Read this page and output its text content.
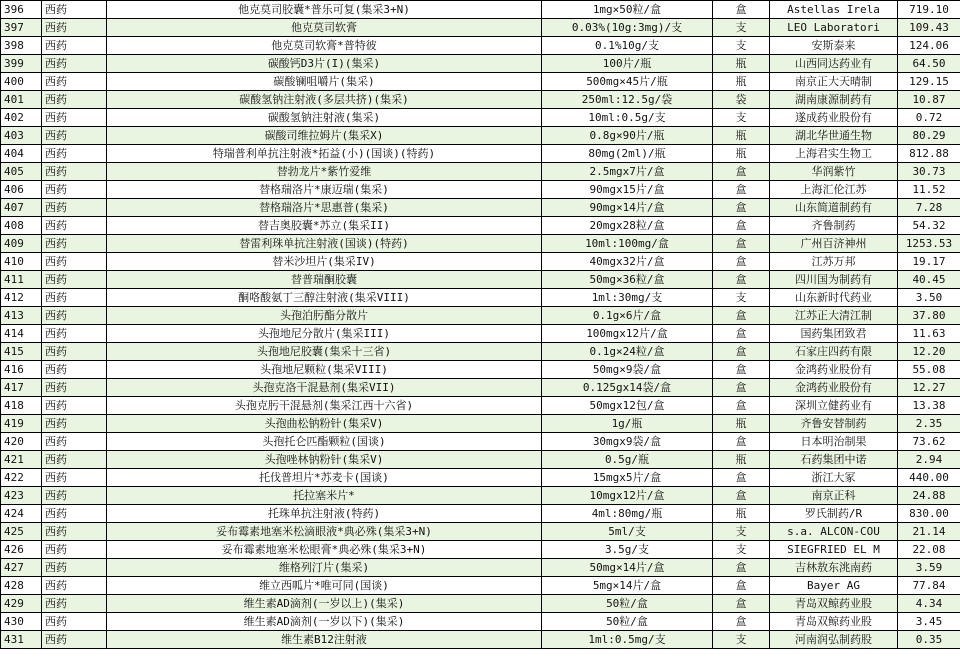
396	西药	他克莫司胶囊*普乐可复(集采3+N)	1mg×50粒/盒	盒	Astellas Irela	719.10
397	西药	他克莫司软膏	0.03%(10g:3mg)/支	支	LEO Laboratori	109.43
398	西药	他克莫司软膏*普特彼	0.1%10g/支	支	安斯泰来	124.06
399	西药	碳酸钙D3片(I)(集采)	100片/瓶	瓶	山西同达药业有	64.50
400	西药	碳酸镧咀嚼片(集采)	500mg×45片/瓶	瓶	南京正大天晴制	129.15
401	西药	碳酸氢钠注射液(多层共挤)(集采)	250ml:12.5g/袋	袋	湖南康源制药有	10.87
402	西药	碳酸氢钠注射液(集采)	10ml:0.5g/支	支	遂成药业股份有	0.72
403	西药	碳酸司维拉姆片(集采X)	0.8g×90片/瓶	瓶	湖北华世通生物	80.29
404	西药	特瑞普利单抗注射液*拓益(小)(国谈)(特药)	80mg(2ml)/瓶	瓶	上海君实生物工	812.88
405	西药	替勃龙片*紫竹爱维	2.5mgx7片/盒	盒	华润紫竹	30.73
406	西药	替格瑞洛片*康迈瑞(集采)	90mgx15片/盒	盒	上海汇伦江苏	11.52
407	西药	替格瑞洛片*思惠普(集采)	90mg×14片/盒	盒	山东简道制药有	7.28
408	西药	替吉奥胶囊*苏立(集采II)	20mgx28粒/盒	盒	齐鲁制药	54.32
409	西药	替雷利珠单抗注射液(国谈)(特药)	10ml:100mg/盒	盒	广州百济神州	1253.53
410	西药	替米沙坦片(集采IV)	40mgx32片/盒	盒	江苏万邦	19.17
411	西药	替普瑞酮胶囊	50mg×36粒/盒	盒	四川国为制药有	40.45
412	西药	酮咯酸氨丁三醇注射液(集采VIII)	1ml:30mg/支	支	山东新时代药业	3.50
413	西药	头孢泊肟酯分散片	0.1g×6片/盒	盒	江苏正大清江制	37.80
414	西药	头孢地尼分散片(集采III)	100mgx12片/盒	盒	国药集团致君	11.63
415	西药	头孢地尼胶囊(集采十三省)	0.1g×24粒/盒	盒	石家庄四药有限	12.20
416	西药	头孢地尼颗粒(集采VIII)	50mg×9袋/盒	盒	金鸿药业股份有	55.08
417	西药	头孢克洛干混悬剂(集采VII)	0.125gx14袋/盒	盒	金鸿药业股份有	12.27
418	西药	头孢克肟干混悬剂(集采江西十六省)	50mgx12包/盒	盒	深圳立健药业有	13.38
419	西药	头孢曲松钠粉针(集采V)	1g/瓶	瓶	齐鲁安替制药	2.35
420	西药	头孢托仑匹酯颗粒(国谈)	30mgx9袋/盒	盒	日本明治制果	73.62
421	西药	头孢唑林钠粉针(集采V)	0.5g/瓶	瓶	石药集团中诺	2.94
422	西药	托伐普坦片*苏麦卡(国谈)	15mgx5片/盒	盒	浙江大冢	440.00
423	西药	托拉塞米片*	10mgx12片/盒	盒	南京正科	24.88
424	西药	托珠单抗注射液(特药)	4ml:80mg/瓶	瓶	罗氏制药/R	830.00
425	西药	妥布霉素地塞米松滴眼液*典必殊(集采3+N)	5ml/支	支	s.a. ALCON-COU	21.14
426	西药	妥布霉素地塞米松眼膏*典必殊(集采3+N)	3.5g/支	支	SIEGFRIED EL M	22.08
427	西药	维格列汀片(集采)	50mg×14片/盒	盒	吉林敖东洮南药	3.59
428	西药	维立西呱片*唯可同(国谈)	5mg×14片/盒	盒	Bayer AG	77.84
429	西药	维生素AD滴剂(一岁以上)(集采)	50粒/盒	盒	青岛双鲸药业股	4.34
430	西药	维生素AD滴剂(一岁以下)(集采)	50粒/盒	盒	青岛双鲸药业股	3.45
431	西药	维生素B12注射液	1ml:0.5mg/支	支	河南润弘制药股	0.35
